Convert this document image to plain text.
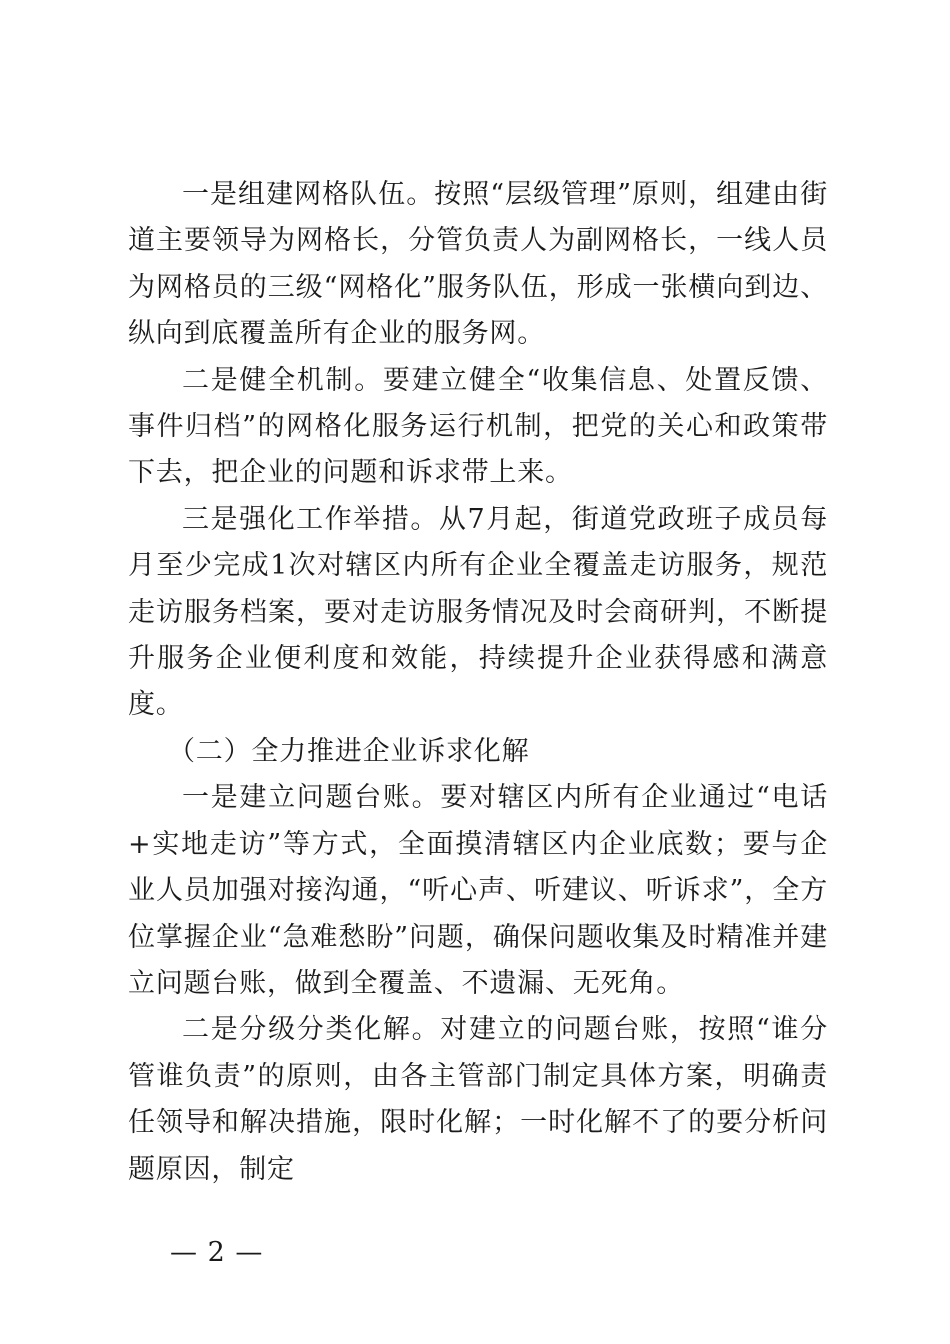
一是组建网格队伍。按照“层级管理”原则，组建由街道主要领导为网格长，分管负责人为副网格长，一线人员为网格员的三级“网格化”服务队伍，形成一张横向到边、纵向到底覆盖所有企业的服务网。

二是健全机制。要建立健全“收集信息、处置反馈、事件归档”的网格化服务运行机制，把党的关心和政策带下去，把企业的问题和诉求带上来。

三是强化工作举措。从7月起，街道党政班子成员每月至少完成1次对辖区内所有企业全覆盖走访服务，规范走访服务档案，要对走访服务情况及时会商研判，不断提升服务企业便利度和效能，持续提升企业获得感和满意度。

（二）全力推进企业诉求化解

一是建立问题台账。要对辖区内所有企业通过“电话+实地走访”等方式，全面摸清辖区内企业底数；要与企业人员加强对接沟通，“听心声、听建议、听诉求”，全方位掌握企业“急难愁盼”问题，确保问题收集及时精准并建立问题台账，做到全覆盖、不遗漏、无死角。

二是分级分类化解。对建立的问题台账，按照“谁分管谁负责”的原则，由各主管部门制定具体方案，明确责任领导和解决措施，限时化解；一时化解不了的要分析问题原因，制定

— 2 —
